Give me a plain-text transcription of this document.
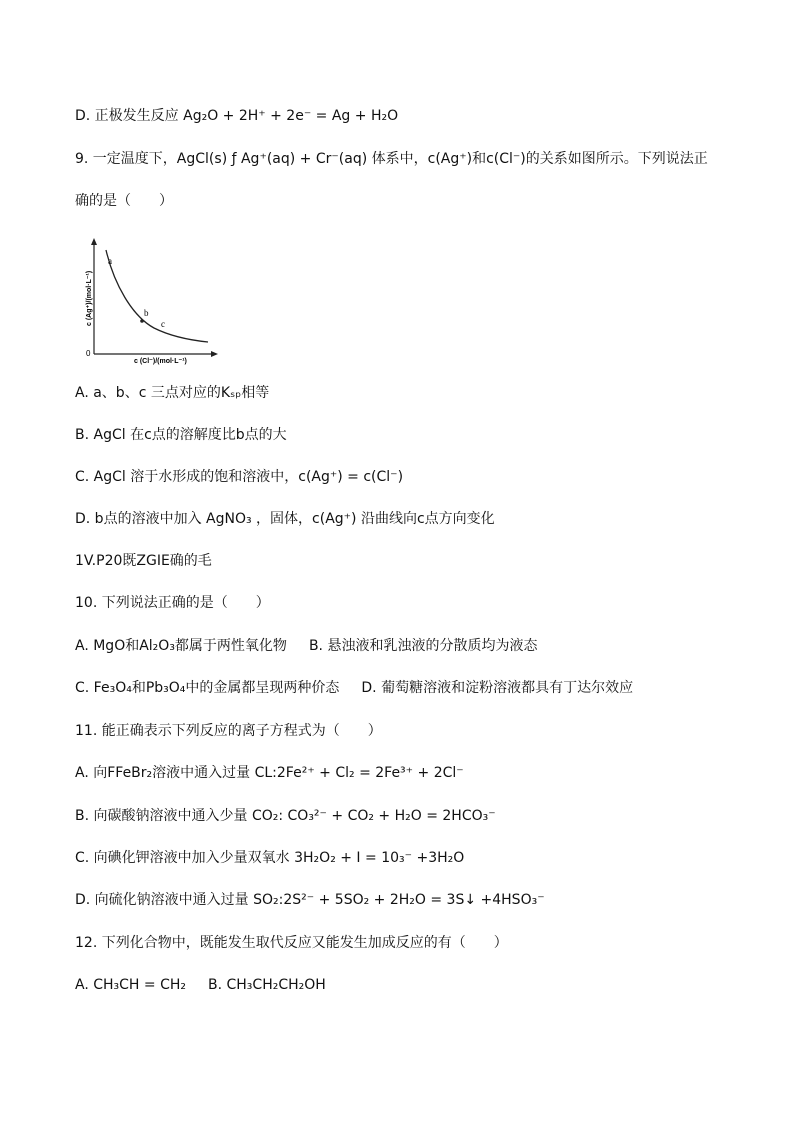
D. 正极发生反应 Ag₂O + 2H⁺ + 2e⁻ = Ag + H₂O
9. 一定温度下，AgCl(s) ƒ Ag⁺(aq) + Cr⁻(aq) 体系中，c(Ag⁺)和c(Cl⁻)的关系如图所示。下列说法正
确的是（　　）
a
b
c
0
c (Cl⁻)/(mol·L⁻¹)
c (Ag⁺)/(mol·L⁻¹)
A. a、b、c 三点对应的Kₛₚ相等
B. AgCl 在c点的溶解度比b点的大
C. AgCl 溶于水形成的饱和溶液中，c(Ag⁺) = c(Cl⁻)
D. b点的溶液中加入 AgNO₃ ，固体，c(Ag⁺) 沿曲线向c点方向变化
1V.P20既ZGIE确的毛
10. 下列说法正确的是（　　）
A. MgO和Al₂O₃都属于两性氧化物 B. 悬浊液和乳浊液的分散质均为液态
C. Fe₃O₄和Pb₃O₄中的金属都呈现两种价态 D. 葡萄糖溶液和淀粉溶液都具有丁达尔效应
11. 能正确表示下列反应的离子方程式为（　　）
A. 向FFeBr₂溶液中通入过量 CL:2Fe²⁺ + Cl₂ = 2Fe³⁺ + 2Cl⁻
B. 向碳酸钠溶液中通入少量 CO₂: CO₃²⁻ + CO₂ + H₂O = 2HCO₃⁻
C. 向碘化钾溶液中加入少量双氧水 3H₂O₂ + I = 10₃⁻ +3H₂O
D. 向硫化钠溶液中通入过量 SO₂:2S²⁻ + 5SO₂ + 2H₂O = 3S↓ +4HSO₃⁻
12. 下列化合物中，既能发生取代反应又能发生加成反应的有（　　）
A. CH₃CH = CH₂ B. CH₃CH₂CH₂OH
